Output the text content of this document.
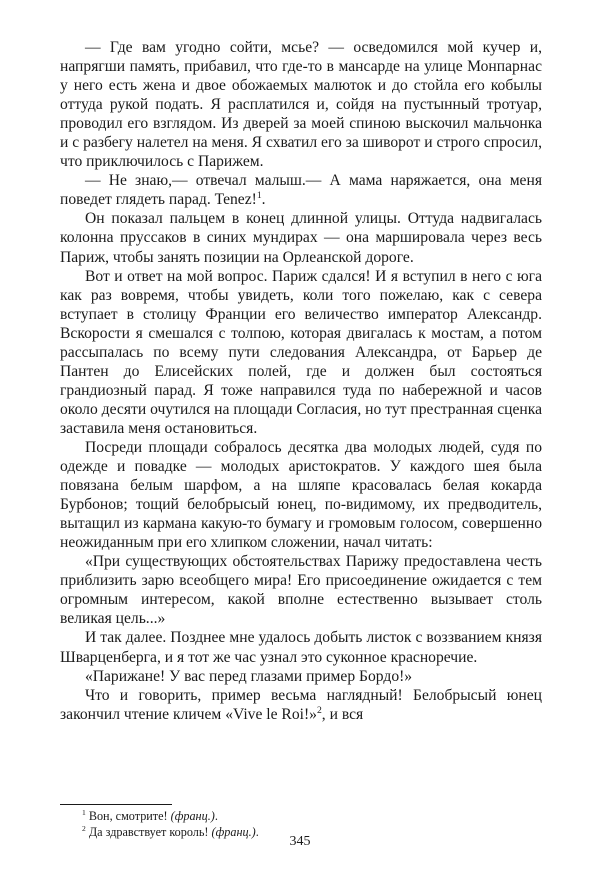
— Где вам угодно сойти, мсье? — осведомился мой кучер и, напрягши память, прибавил, что где-то в мансарде на улице Монпарнас у него есть жена и двое обожаемых малюток и до стойла его кобылы оттуда рукой подать. Я расплатился и, сойдя на пустынный тротуар, проводил его взглядом. Из дверей за моей спиною выскочил мальчонка и с разбегу налетел на меня. Я схватил его за шиворот и строго спросил, что приключилось с Парижем.

— Не знаю,— отвечал малыш.— А мама наряжается, она меня поведет глядеть парад. Tenez!$^1$.

Он показал пальцем в конец длинной улицы. Оттуда надвигалась колонна пруссаков в синих мундирах — она маршировала через весь Париж, чтобы занять позиции на Орлеанской дороге.

Вот и ответ на мой вопрос. Париж сдался! И я вступил в него с юга как раз вовремя, чтобы увидеть, коли того пожелаю, как с севера вступает в столицу Франции его величество император Александр. Вскорости я смешался с толпою, которая двигалась к мостам, а потом рассыпалась по всему пути следования Александра, от Барьер де Пантен до Елисейских полей, где и должен был состояться грандиозный парад. Я тоже направился туда по набережной и часов около десяти очутился на площади Согласия, но тут престранная сценка заставила меня остановиться.

Посреди площади собралось десятка два молодых людей, судя по одежде и повадке — молодых аристократов. У каждого шея была повязана белым шарфом, а на шляпе красовалась белая кокарда Бурбонов; тощий белобрысый юнец, по-видимому, их предводитель, вытащил из кармана какую-то бумагу и громовым голосом, совершенно неожиданным при его хлипком сложении, начал читать:

«При существующих обстоятельствах Парижу предоставлена честь приблизить зарю всеобщего мира! Его присоединение ожидается с тем огромным интересом, какой вполне естественно вызывает столь великая цель...»

И так далее. Позднее мне удалось добыть листок с воззванием князя Шварценберга, и я тот же час узнал это суконное красноречие.

«Парижане! У вас перед глазами пример Бордо!»

Что и говорить, пример весьма наглядный! Белобрысый юнец закончил чтение кличем «Vive le Roi!»$^2$, и вся

$^1$ Вон, смотрите! (франц.).

$^2$ Да здравствует король! (франц.).

345
